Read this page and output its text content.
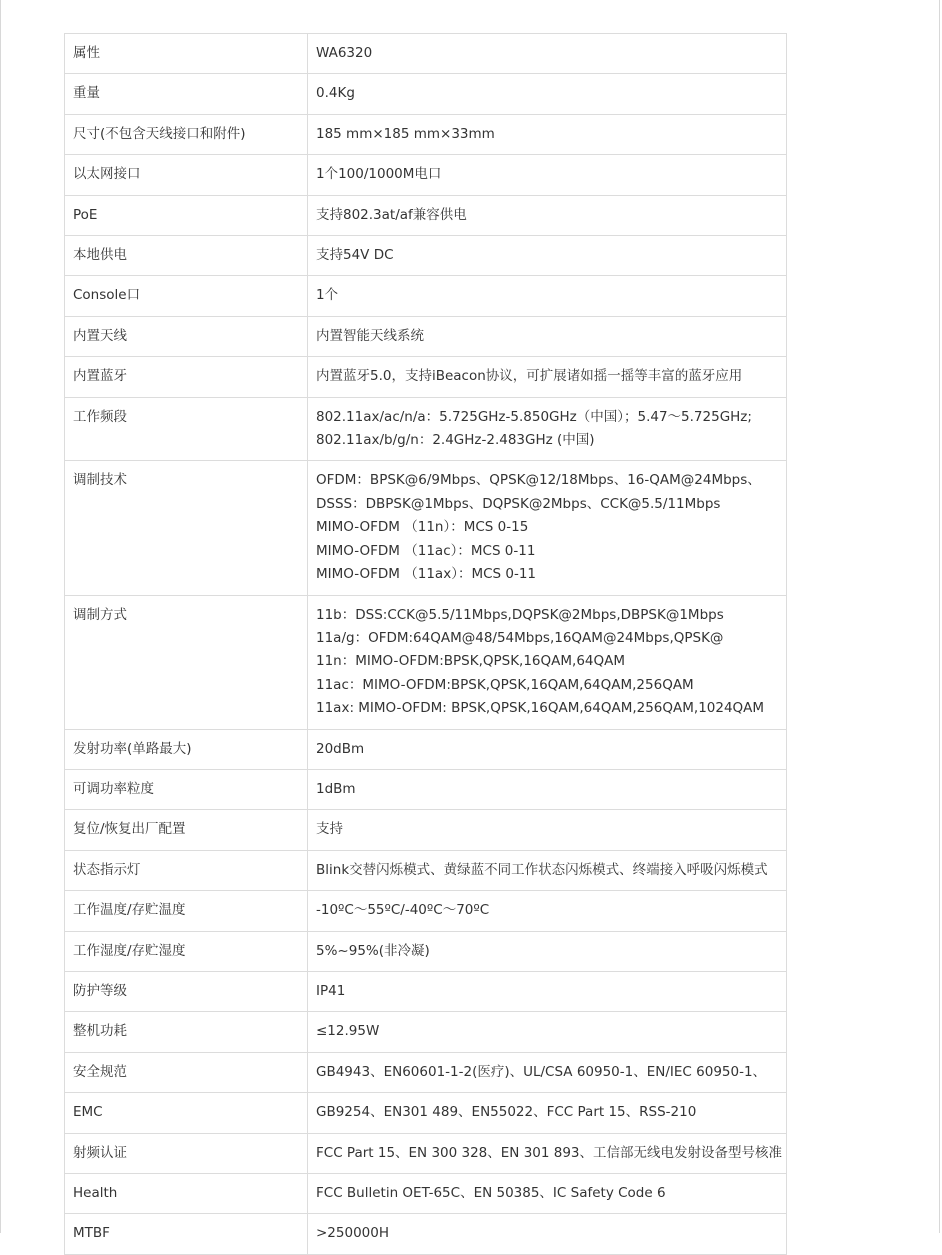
属性	WA6320

重量	0.4Kg

尺寸(不包含天线接口和附件)	185 mm×185 mm×33mm

以太网接口	1个100/1000M电口

PoE	支持802.3at/af兼容供电

本地供电	支持54V DC

Console口	1个

内置天线	内置智能天线系统

内置蓝牙	内置蓝牙5.0，支持iBeacon协议，可扩展诸如摇一摇等丰富的蓝牙应用

工作频段	802.11ax/ac/n/a：5.725GHz-5.850GHz（中国）；5.47～5.725GHz;
802.11ax/b/g/n：2.4GHz-2.483GHz (中国)

调制技术	OFDM：BPSK@6/9Mbps、QPSK@12/18Mbps、16-QAM@24Mbps、
DSSS：DBPSK@1Mbps、DQPSK@2Mbps、CCK@5.5/11Mbps
MIMO-OFDM （11n）：MCS 0-15
MIMO-OFDM （11ac）：MCS 0-11
MIMO-OFDM （11ax）：MCS 0-11

调制方式	11b：DSS:CCK@5.5/11Mbps,DQPSK@2Mbps,DBPSK@1Mbps
11a/g：OFDM:64QAM@48/54Mbps,16QAM@24Mbps,QPSK@
11n：MIMO-OFDM:BPSK,QPSK,16QAM,64QAM
11ac：MIMO-OFDM:BPSK,QPSK,16QAM,64QAM,256QAM
11ax: MIMO-OFDM: BPSK,QPSK,16QAM,64QAM,256QAM,1024QAM

发射功率(单路最大)	20dBm

可调功率粒度	1dBm

复位/恢复出厂配置	支持

状态指示灯	Blink交替闪烁模式、黄绿蓝不同工作状态闪烁模式、终端接入呼吸闪烁模式

工作温度/存贮温度	-10ºC～55ºC/-40ºC～70ºC

工作湿度/存贮湿度	5%~95%(非冷凝)

防护等级	IP41

整机功耗	≤12.95W

安全规范	GB4943、EN60601-1-2(医疗)、UL/CSA 60950-1、EN/IEC 60950-1、

EMC	GB9254、EN301 489、EN55022、FCC Part 15、RSS-210

射频认证	FCC Part 15、EN 300 328、EN 301 893、工信部无线电发射设备型号核准

Health	FCC Bulletin OET-65C、EN 50385、IC Safety Code 6

MTBF	>250000H
